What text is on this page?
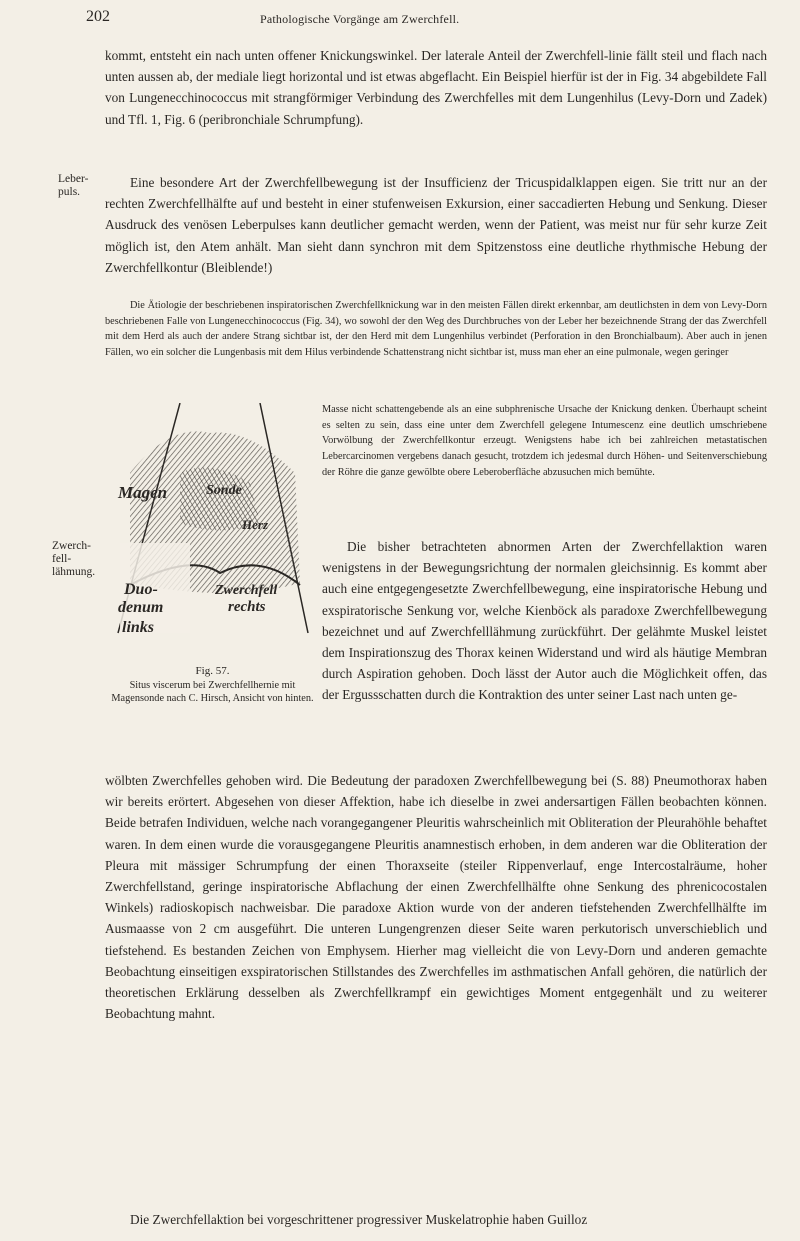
202	Pathologische Vorgänge am Zwerchfell.

kommt, entsteht ein nach unten offener Knickungswinkel. Der laterale Anteil der Zwerchfell-linie fällt steil und flach nach unten aussen ab, der mediale liegt horizontal und ist etwas abgeflacht. Ein Beispiel hierfür ist der in Fig. 34 abgebildete Fall von Lungenecchinococcus mit strangförmiger Verbindung des Zwerchfelles mit dem Lungenhilus (Levy-Dorn und Zadek) und Tfl. 1, Fig. 6 (peribronchiale Schrumpfung).

Leber-
puls.

Eine besondere Art der Zwerchfellbewegung ist der Insufficienz der Tricuspidalklappen eigen. Sie tritt nur an der rechten Zwerchfellhälfte auf und besteht in einer stufenweisen Exkursion, einer saccadierten Hebung und Senkung. Dieser Ausdruck des venösen Leberpulses kann deutlicher gemacht werden, wenn der Patient, was meist nur für sehr kurze Zeit möglich ist, den Atem anhält. Man sieht dann synchron mit dem Spitzenstoss eine deutliche rhythmische Hebung der Zwerchfellkontur (Bleiblende!)

Die Ätiologie der beschriebenen inspiratorischen Zwerchfellknickung war in den meisten Fällen direkt erkennbar, am deutlichsten in dem von Levy-Dorn beschriebenen Falle von Lungenecchinococcus (Fig. 34), wo sowohl der den Weg des Durchbruches von der Leber her bezeichnende Strang der das Zwerchfell mit dem Herd als auch der andere Strang sichtbar ist, der den Herd mit dem Lungenhilus verbindet (Perforation in den Bronchialbaum). Aber auch in jenen Fällen, wo ein solcher die Lungenbasis mit dem Hilus verbindende Schattenstrang nicht sichtbar ist, muss man eher an eine pulmonale, wegen geringer

Masse nicht schattengebende als an eine subphrenische Ursache der Knickung denken. Überhaupt scheint es selten zu sein, dass eine unter dem Zwerchfell gelegene Intumescenz eine deutlich umschriebene Vorwölbung der Zwerchfellkontur erzeugt. Wenigstens habe ich bei zahlreichen metastatischen Lebercarcinomen vergebens danach gesucht, trotzdem ich jedesmal durch Höhen- und Seitenverschiebung der Röhre die ganze gewölbte obere Leberoberfläche abzusuchen mich bemühte.

Magen	Sonde
Herz
Zwerchfell
Duo-
denum	rechts
links
Fig. 57.
Situs viscerum bei Zwerchfellhernie mit Magensonde nach C. Hirsch, Ansicht von hinten.
Zwerch-
fell-
lähmung.

Die bisher betrachteten abnormen Arten der Zwerchfellaktion waren wenigstens in der Bewegungsrichtung der normalen gleichsinnig. Es kommt aber auch eine entgegengesetzte Zwerchfellbewegung, eine inspiratorische Hebung und exspiratorische Senkung vor, welche Kienböck als paradoxe Zwerchfellbewegung bezeichnet und auf Zwerchfelllähmung zurückführt. Der gelähmte Muskel leistet dem Inspirationszug des Thorax keinen Widerstand und wird als häutige Membran durch Aspiration gehoben. Doch lässt der Autor auch die Möglichkeit offen, das der Ergussschatten durch die Kontraktion des unter seiner Last nach unten ge-

wölbten Zwerchfelles gehoben wird. Die Bedeutung der paradoxen Zwerchfellbewegung bei (S. 88) Pneumothorax haben wir bereits erörtert. Abgesehen von dieser Affektion, habe ich dieselbe in zwei andersartigen Fällen beobachten können. Beide betrafen Individuen, welche nach vorangegangener Pleuritis wahrscheinlich mit Obliteration der Pleurahöhle behaftet waren. In dem einen wurde die vorausgegangene Pleuritis anamnestisch erhoben, in dem anderen war die Obliteration der Pleura mit mässiger Schrumpfung der einen Thoraxseite (steiler Rippenverlauf, enge Intercostalräume, hoher Zwerchfellstand, geringe inspiratorische Abflachung der einen Zwerchfellhälfte ohne Senkung des phrenicocostalen Winkels) radioskopisch nachweisbar. Die paradoxe Aktion wurde von der anderen tiefstehenden Zwerchfellhälfte im Ausmaasse von 2 cm ausgeführt. Die unteren Lungengrenzen dieser Seite waren perkutorisch unverschieblich und tiefstehend. Es bestanden Zeichen von Emphysem. Hierher mag vielleicht die von Levy-Dorn und anderen gemachte Beobachtung einseitigen exspiratorischen Stillstandes des Zwerchfelles im asthmatischen Anfall gehören, die natürlich der theoretischen Erklärung desselben als Zwerchfellkrampf ein gewichtiges Moment entgegenhält und zu weiterer Beobachtung mahnt.

Die Zwerchfellaktion bei vorgeschrittener progressiver Muskelatrophie haben Guilloz
